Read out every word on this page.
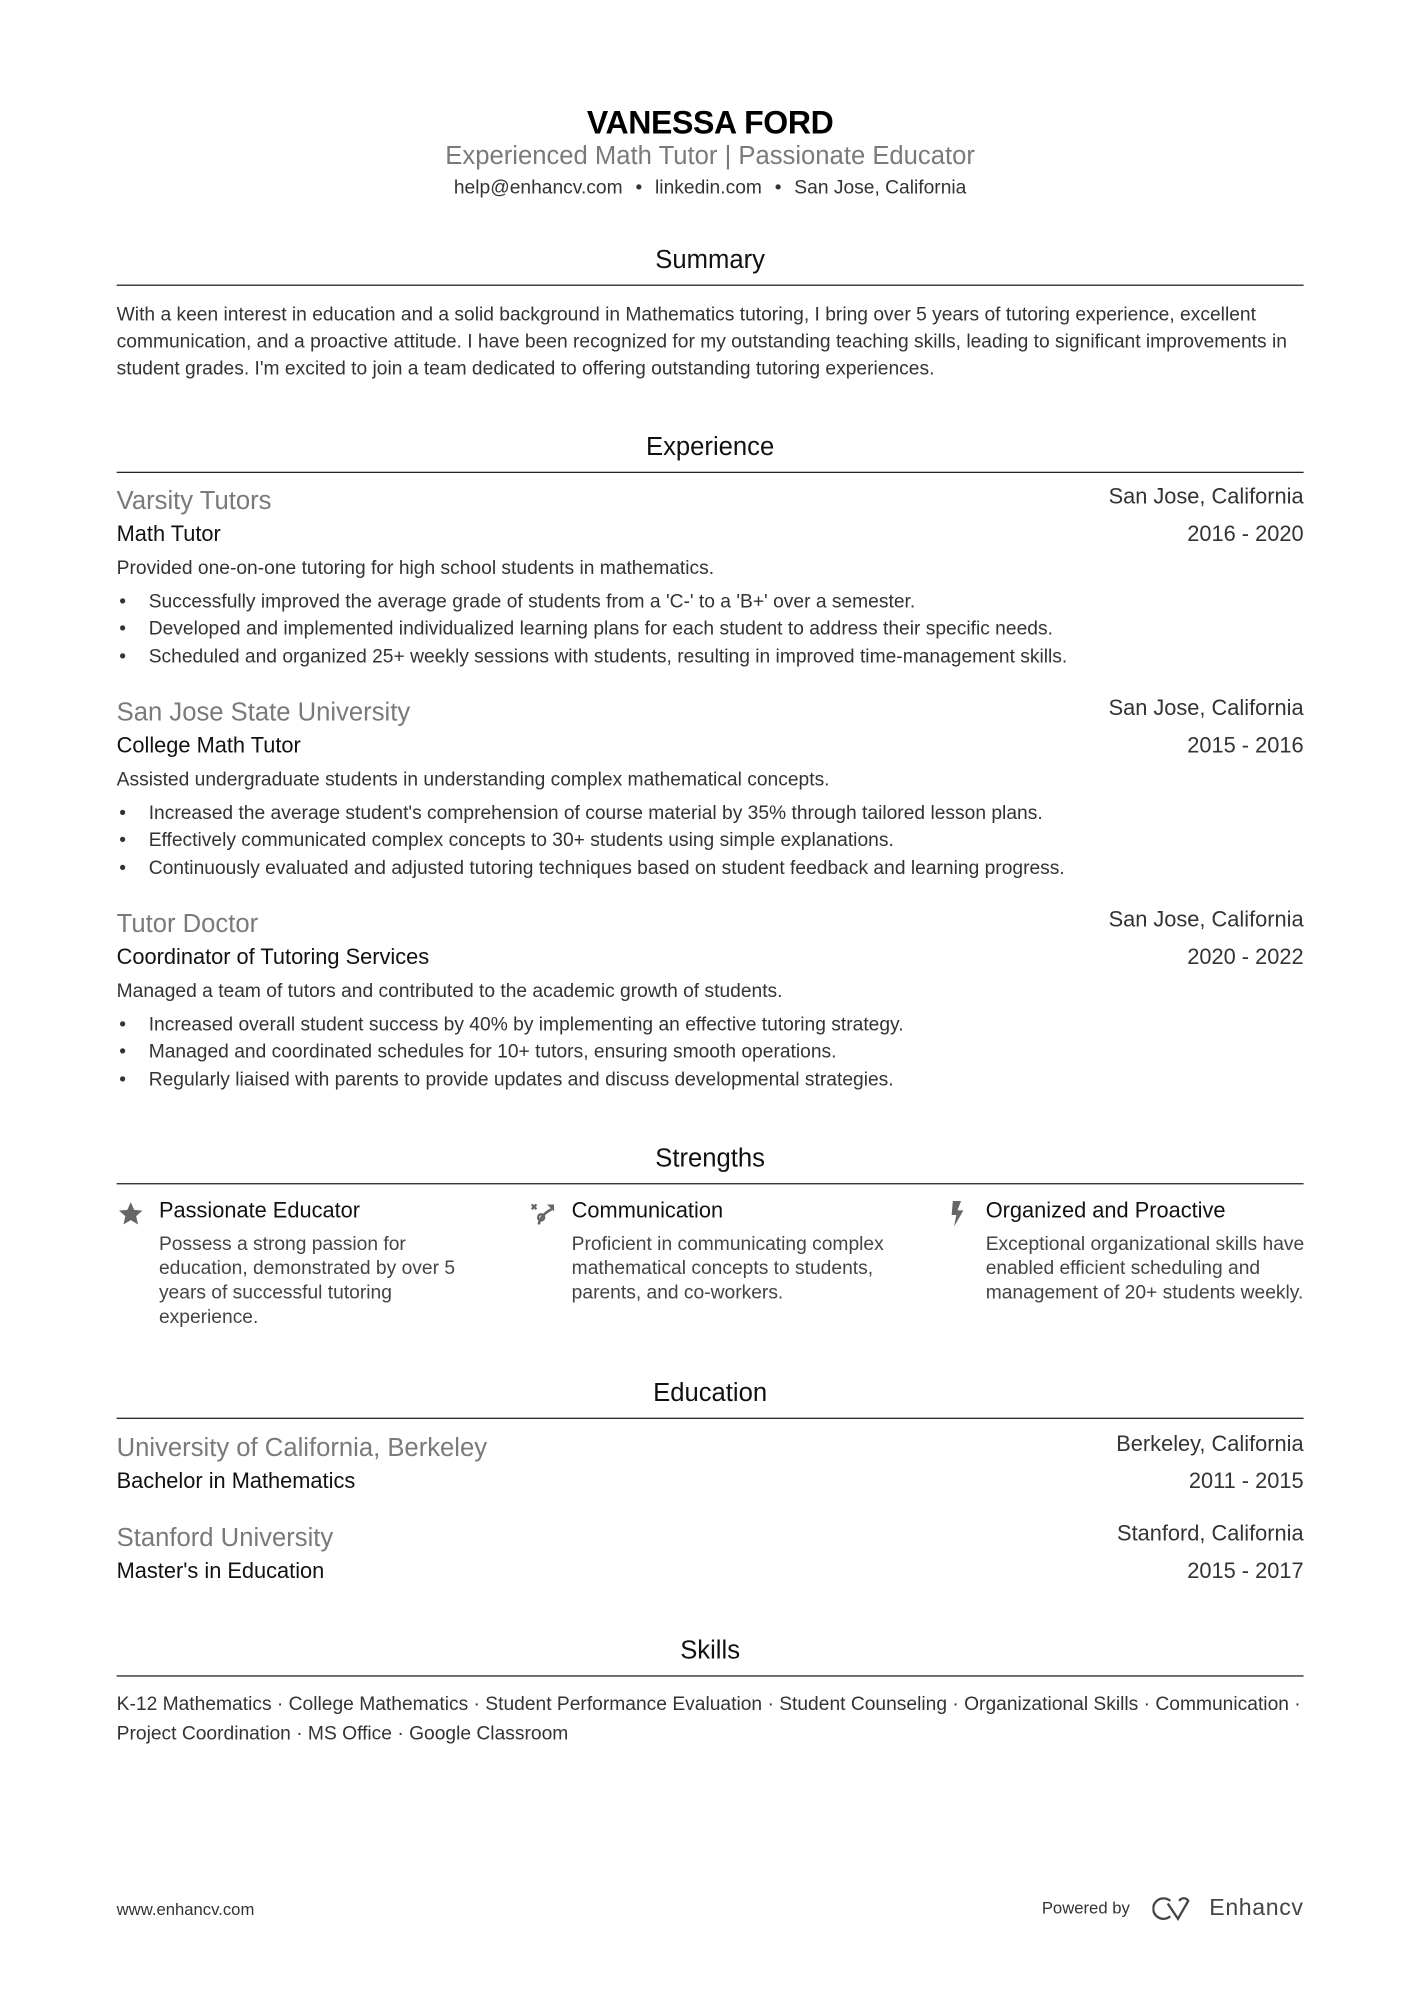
VANESSA FORD
Experienced Math Tutor | Passionate Educator
help@enhancv.com • linkedin.com • San Jose, California
Summary
With a keen interest in education and a solid background in Mathematics tutoring, I bring over 5 years of tutoring experience, excellent communication, and a proactive attitude. I have been recognized for my outstanding teaching skills, leading to significant improvements in student grades. I'm excited to join a team dedicated to offering outstanding tutoring experiences.
Experience
Varsity Tutors	San Jose, California
Math Tutor	2016 - 2020
Provided one-on-one tutoring for high school students in mathematics.
• Successfully improved the average grade of students from a 'C-' to a 'B+' over a semester.
• Developed and implemented individualized learning plans for each student to address their specific needs.
• Scheduled and organized 25+ weekly sessions with students, resulting in improved time-management skills.
San Jose State University	San Jose, California
College Math Tutor	2015 - 2016
Assisted undergraduate students in understanding complex mathematical concepts.
• Increased the average student's comprehension of course material by 35% through tailored lesson plans.
• Effectively communicated complex concepts to 30+ students using simple explanations.
• Continuously evaluated and adjusted tutoring techniques based on student feedback and learning progress.
Tutor Doctor	San Jose, California
Coordinator of Tutoring Services	2020 - 2022
Managed a team of tutors and contributed to the academic growth of students.
• Increased overall student success by 40% by implementing an effective tutoring strategy.
• Managed and coordinated schedules for 10+ tutors, ensuring smooth operations.
• Regularly liaised with parents to provide updates and discuss developmental strategies.
Strengths
Passionate Educator
Possess a strong passion for education, demonstrated by over 5 years of successful tutoring experience.
Communication
Proficient in communicating complex mathematical concepts to students, parents, and co-workers.
Organized and Proactive
Exceptional organizational skills have enabled efficient scheduling and management of 20+ students weekly.
Education
University of California, Berkeley	Berkeley, California
Bachelor in Mathematics	2011 - 2015
Stanford University	Stanford, California
Master's in Education	2015 - 2017
Skills
K-12 Mathematics · College Mathematics · Student Performance Evaluation · Student Counseling · Organizational Skills · Communication · Project Coordination · MS Office · Google Classroom
www.enhancv.com	Powered by	Enhancv
